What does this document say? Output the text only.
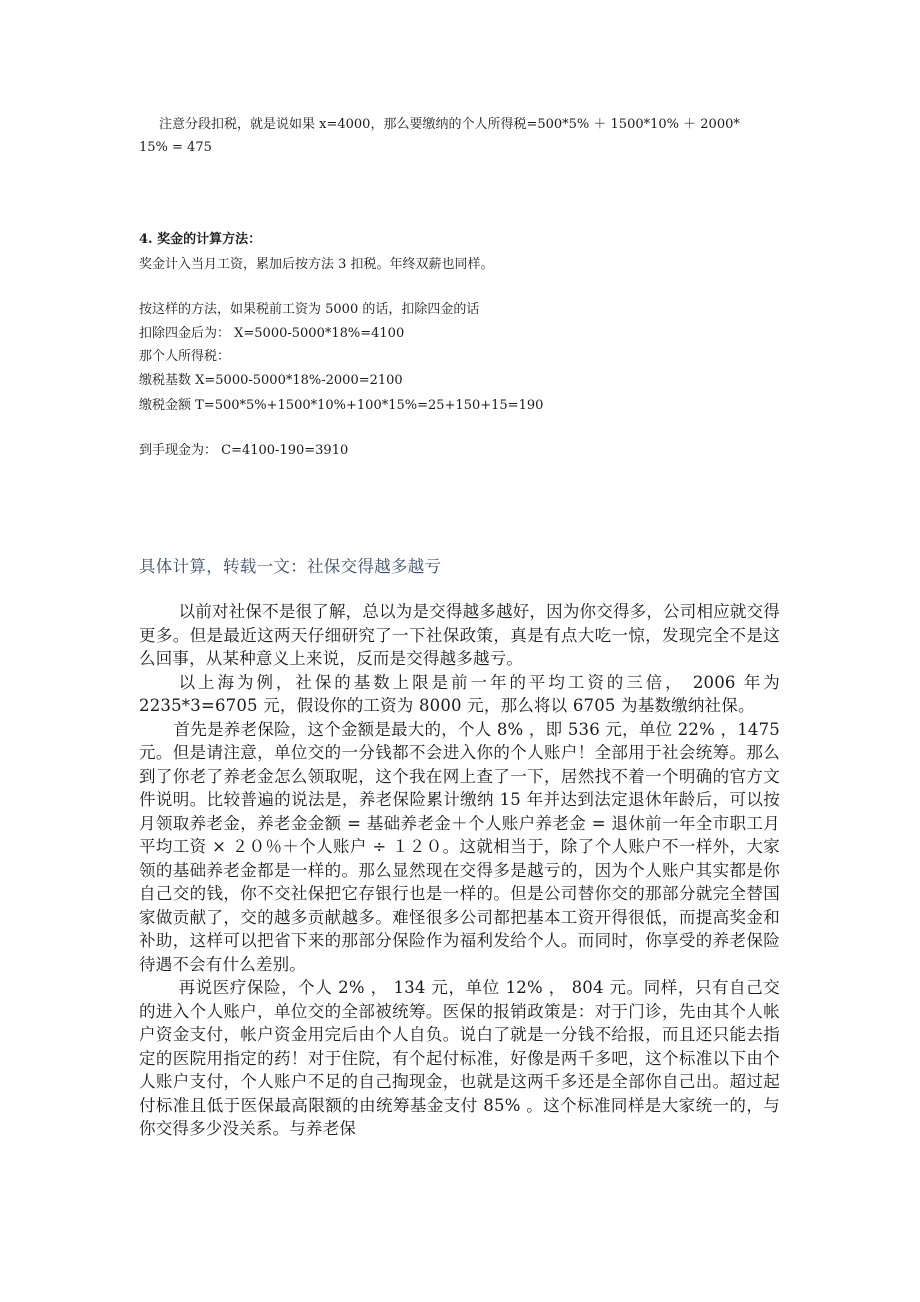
注意分段扣税，就是说如果 x=4000，那么要缴纳的个人所得税=500*5% ＋ 1500*10% ＋ 2000*
15% = 475
4. 奖金的计算方法：
奖金计入当月工资，累加后按方法 3 扣税。年终双薪也同样。
按这样的方法，如果税前工资为 5000 的话，扣除四金的话
扣除四金后为： X=5000-5000*18%=4100
那个人所得税：
缴税基数 X=5000-5000*18%-2000=2100
缴税金额 T=500*5%+1500*10%+100*15%=25+150+15=190
到手现金为： C=4100-190=3910
具体计算，转载一文：社保交得越多越亏

以前对社保不是很了解，总以为是交得越多越好，因为你交得多，公司相应就交得更多。但是最近这两天仔细研究了一下社保政策，真是有点大吃一惊，发现完全不是这么回事，从某种意义上来说，反而是交得越多越亏。

以上海为例，社保的基数上限是前一年的平均工资的三倍， 2006 年为2235*3=6705 元，假设你的工资为 8000 元，那么将以 6705 为基数缴纳社保。

首先是养老保险，这个金额是最大的，个人 8% ，即 536 元，单位 22% ，1475 元。但是请注意，单位交的一分钱都不会进入你的个人账户！全部用于社会统筹。那么到了你老了养老金怎么领取呢，这个我在网上查了一下，居然找不着一个明确的官方文件说明。比较普遍的说法是，养老保险累计缴纳 15 年并达到法定退休年龄后，可以按月领取养老金，养老金金额 = 基础养老金＋个人账户养老金 = 退休前一年全市职工月平均工资 × ２０％＋个人账户 ÷ １２０。这就相当于，除了个人账户不一样外，大家领的基础养老金都是一样的。那么显然现在交得多是越亏的，因为个人账户其实都是你自己交的钱，你不交社保把它存银行也是一样的。但是公司替你交的那部分就完全替国家做贡献了，交的越多贡献越多。难怪很多公司都把基本工资开得很低，而提高奖金和补助，这样可以把省下来的那部分保险作为福利发给个人。而同时，你享受的养老保险待遇不会有什么差别。

再说医疗保险，个人 2% ， 134 元，单位 12% ， 804 元。同样，只有自己交的进入个人账户，单位交的全部被统筹。医保的报销政策是：对于门诊，先由其个人帐户资金支付，帐户资金用完后由个人自负。说白了就是一分钱不给报，而且还只能去指定的医院用指定的药！对于住院，有个起付标准，好像是两千多吧，这个标准以下由个人账户支付，个人账户不足的自己掏现金，也就是这两千多还是全部你自己出。超过起付标准且低于医保最高限额的由统筹基金支付 85% 。这个标准同样是大家统一的，与你交得多少没关系。与养老保
